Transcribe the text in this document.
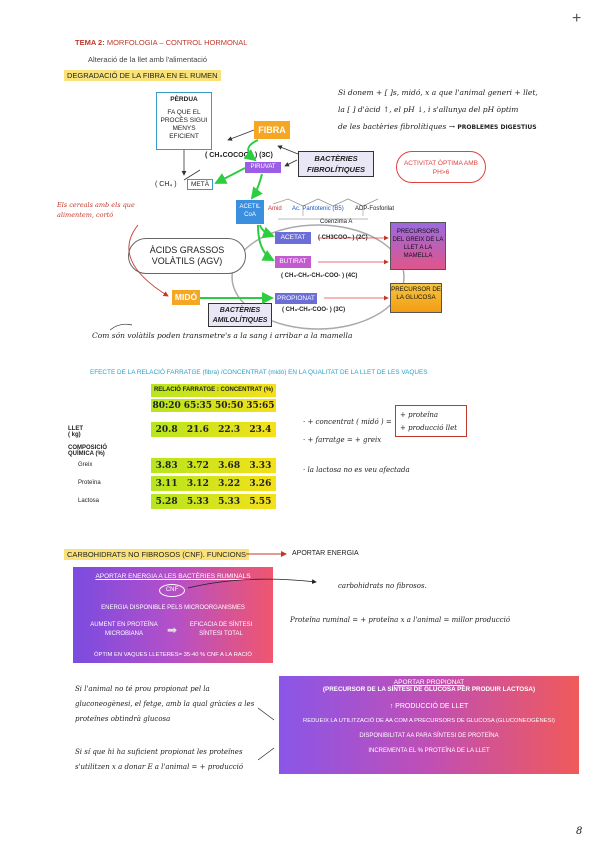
+
8
TEMA 2: MORFOLOGIA – CONTROL HORMONAL
Alteració de la llet amb l'alimentació
DEGRADACIÓ DE LA FIBRA EN EL RUMEN
Si donem + [ ]s, midó, x a que l'animal generi + llet,
la [ ] d'àcid ↑, el pH ↓, i s'allunya del pH òptim
de les bactèries fibrolítiques → PROBLEMES DIGESTIUS
PÈRDUA
FA QUE EL PROCÈS SIGUI MENYS EFICIENT
FIBRA
BACTÈRIES FIBROLÍTIQUES
( CH₃COCOO– ) (3C)
PIRUVAT
( CH₄ )	METÀ
ACTIVITAT ÒPTIMA AMB PH>6
ACETIL CoA
Amid Ac. Pantotenic (B5) ADP-Fosforilat
Coenzima A
Els cereals amb els que alimentem, cortó
ÀCIDS GRASSOS VOLÀTILS (AGV)
ACETAT	( CH3COO– ) (2C)
BUTIRAT
( CH₃-CH₂-CH₂-COO- ) (4C)
PRECURSORS DEL GREIX DE LA LLET A LA MAMELLA
MIDÓ	PROPIONAT
( CH₃-CH₂-COO- ) (3C)
BACTÈRIES AMILOLÍTIQUES
PRECURSOR DE LA GLUCOSA
Com són volàtils poden transmetre's a la sang i arribar a la mamella
EFECTE DE LA RELACIÓ FARRATGE (fibra) /CONCENTRAT (midó) EN LA QUALITAT DE LA LLET DE LES VAQUES
RELACIÓ FARRATGE : CONCENTRAT (%)
80:20 65:35 50:50 35:65
LLET ( kg)
20.8 21.6 22.3 23.4
COMPOSICIÓ QUÍMICA (%)
Greix	3.83 3.72 3.68 3.33
Proteïna	3.11 3.12 3.22 3.26
Lactosa	5.28 5.33 5.33 5.55
· + concentrat ( midó ) =
+ proteïna
+ producció llet
· + farratge = + greix
· la lactosa no es veu afectada
CARBOHIDRATS NO FIBROSOS (CNF). FUNCIONS	APORTAR ENERGIA
APORTAR ENERGIA A LES BACTÈRIES RUMINALS
CNF
ENERGIA DISPONIBLE PELS MICROORGANISMES
AUMENT EN PROTEÏNA MICROBIANA	➡	EFICACIA DE SÍNTESI SÍNTESI TOTAL
ÒPTIM EN VAQUES LLETERES= 35-40 % CNF A LA RACIÓ
carbohidrats no fibrosos.
Proteïna ruminal = + proteïna x a l'animal = millor producció
APORTAR PROPIONAT
(PRECURSOR DE LA SÍNTESI DE GLUCOSA PER PRODUIR LACTOSA)
↑ PRODUCCIÓ DE LLET
REDUEIX LA UTILITZACIÓ DE AA COM A PRECURSORS DE GLUCOSA (GLUCONEOGÈNESI)
DISPONIBILITAT AA PARA SÍNTESI DE PROTEÏNA
INCREMENTA EL % PROTEÏNA DE LA LLET
Si l'animal no té prou propionat pel la gluconeogènesi, el fetge, amb la qual gràcies a les proteïnes obtindrà glucosa
Si sí que hi ha suficient propionat les proteïnes s'utilitzen x a donar E a l'animal = + producció
